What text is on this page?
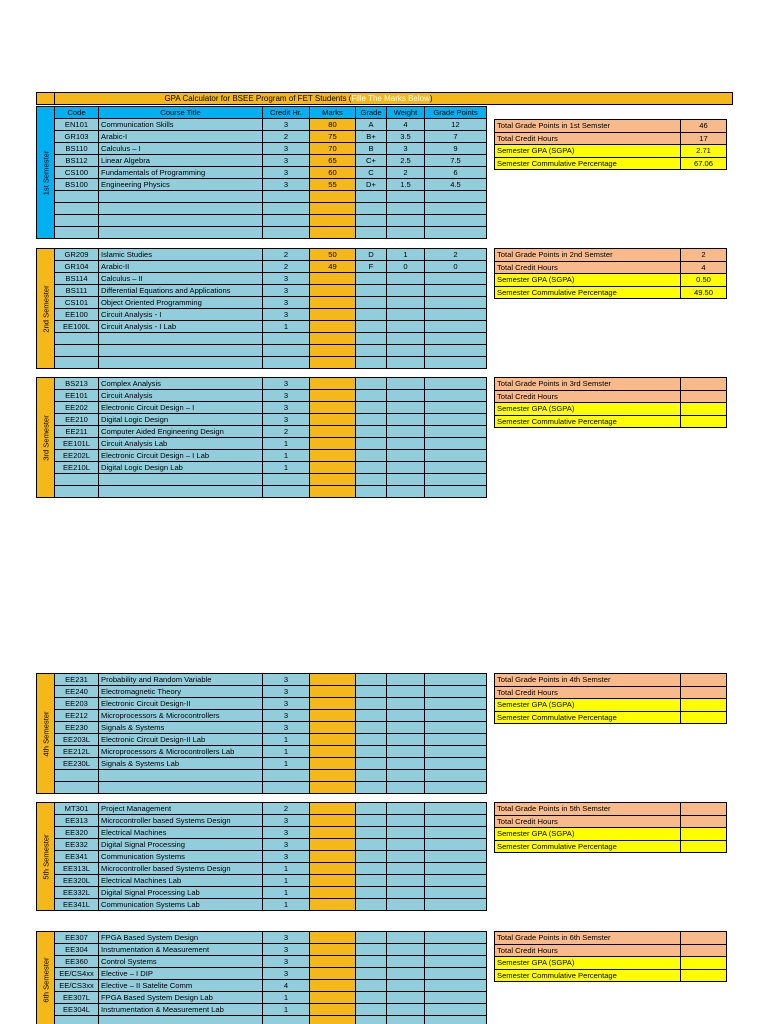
GPA Calculator for BSEE Program of FET Students (Fille The Marks Below)
1st Semester	Code	Course Title	Credit Hr.	Marks	Grade	Weight	Grade Points
	EN101	Communication Skills	3	80	A	4	12
	GR103	Arabic-I	2	75	B+	3.5	7
	BS110	Calculus – I	3	70	B	3	9
	BS112	Linear Algebra	3	65	C+	2.5	7.5
	CS100	Fundamentals of Programming	3	60	C	2	6
	BS100	Engineering Physics	3	55	D+	1.5	4.5

2nd Semester	GR209	Islamic Studies	2	50	D	1	2
	GR104	Arabic-II	2	49	F	0	0
	BS114	Calculus – II	3				
	BS111	Differential Equations and Applications	3				
	CS101	Object Oriented Programming	3				
	EE100	Circuit Analysis - I	3				
	EE100L	Circuit Analysis - I Lab	1				

3rd Semester	BS213	Complex Analysis	3				
	EE101	Circuit Analysis	3				
	EE202	Electronic Circuit Design – I	3				
	EE210	Digital Logic Design	3				
	EE211	Computer Aided Engineering Design	2				
	EE101L	Circuit Analysis Lab	1				
	EE202L	Electronic Circuit Design – I Lab	1				
	EE210L	Digital Logic Design Lab	1				

4th Semester	EE231	Probability and Random Variable	3				
	EE240	Electromagnetic Theory	3				
	EE203	Electronic Circuit Design-II	3				
	EE212	Microprocessors & Microcontrollers	3				
	EE230	Signals & Systems	3				
	EE203L	Electronic Circuit Design-II Lab	1				
	EE212L	Microprocessors & Microcontrollers Lab	1				
	EE230L	Signals & Systems Lab	1				

5th Semester	MT301	Project Management	2				
	EE313	Microcontroller based Systems Design	3				
	EE320	Electrical Machines	3				
	EE332	Digital Signal Processing	3				
	EE341	Communication Systems	3				
	EE313L	Microcontroller based Systems Design	1				
	EE320L	Electrical Machines Lab	1				
	EE332L	Digital Signal Processing Lab	1				
	EE341L	Communication Systems Lab	1				
6th Semester	EE307	FPGA Based System Design	3				
	EE304	Instrumentation & Measurement	3				
	EE360	Control Systems	3				
	EE/CS4xx	Elective – I DIP	3				
	EE/CS3xx	Elective – II Satelite Comm	4				
	EE307L	FPGA Based System Design Lab	1				
	EE304L	Instrumentation & Measurement Lab	1				

Total Grade Points in 1st Semster	46
Total Credit Hours	17
Semester GPA (SGPA)	2.71
Semester Commulative Percentage	67.06
Total Grade Points in 2nd Semster	2
Total Credit Hours	4
Semester GPA (SGPA)	0.50
Semester Commulative Percentage	49.50
Total Grade Points in 3rd Semster	
Total Credit Hours	
Semester GPA (SGPA)	
Semester Commulative Percentage	
Total Grade Points in 4th Semster	
Total Credit Hours	
Semester GPA (SGPA)	
Semester Commulative Percentage	
Total Grade Points in 5th Semster	
Total Credit Hours	
Semester GPA (SGPA)	
Semester Commulative Percentage	
Total Grade Points in 6th Semster	
Total Credit Hours	
Semester GPA (SGPA)	
Semester Commulative Percentage	
